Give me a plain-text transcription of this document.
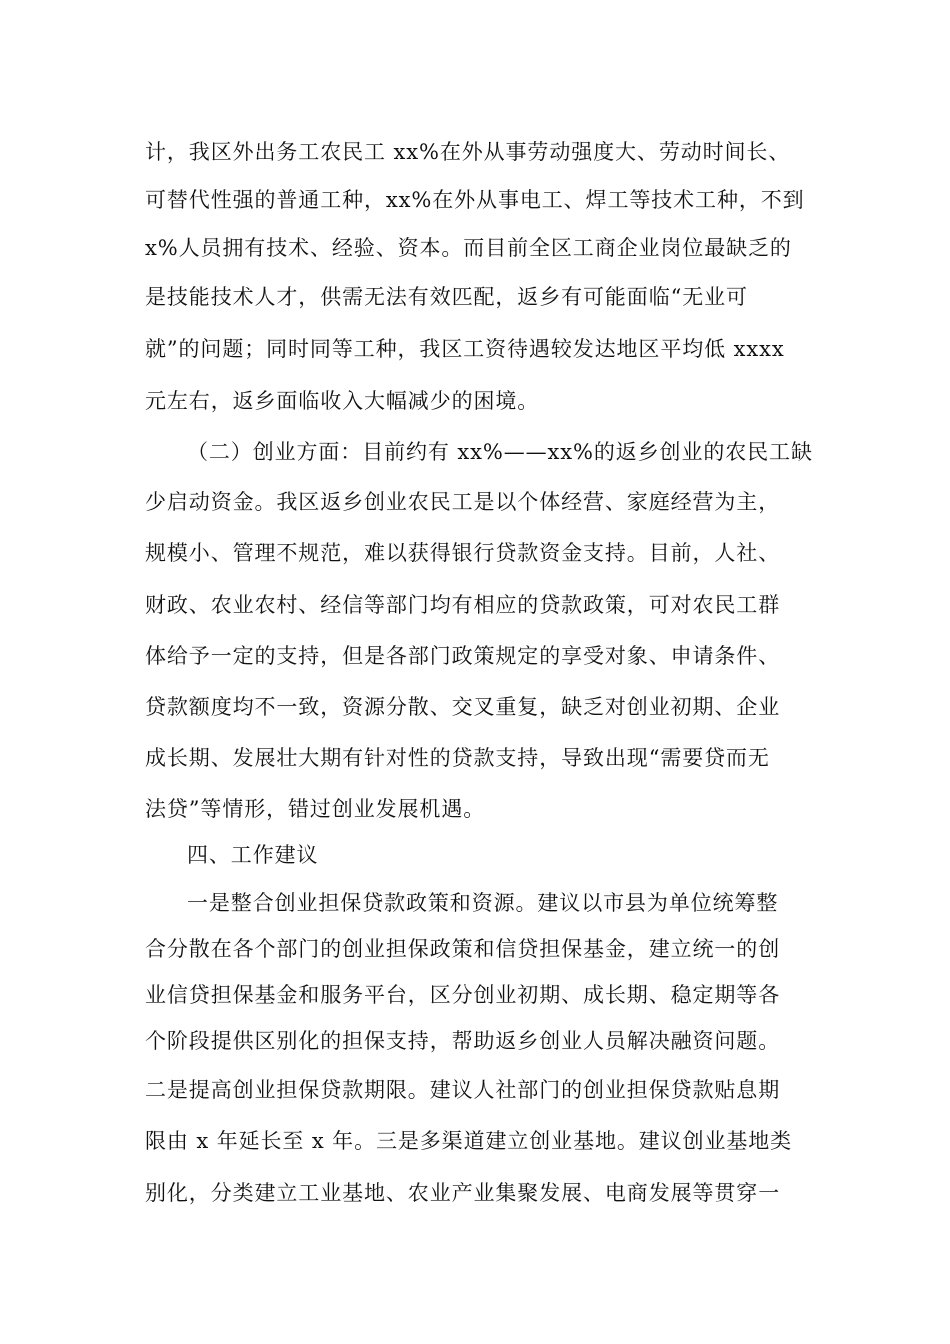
计，我区外出务工农民工 xx%在外从事劳动强度大、劳动时间长、
可替代性强的普通工种，xx%在外从事电工、焊工等技术工种，不到
x%人员拥有技术、经验、资本。而目前全区工商企业岗位最缺乏的
是技能技术人才，供需无法有效匹配，返乡有可能面临“无业可
就”的问题；同时同等工种，我区工资待遇较发达地区平均低 xxxx
元左右，返乡面临收入大幅减少的困境。
（二）创业方面：目前约有 xx%——xx%的返乡创业的农民工缺
少启动资金。我区返乡创业农民工是以个体经营、家庭经营为主，
规模小、管理不规范，难以获得银行贷款资金支持。目前，人社、
财政、农业农村、经信等部门均有相应的贷款政策，可对农民工群
体给予一定的支持，但是各部门政策规定的享受对象、申请条件、
贷款额度均不一致，资源分散、交叉重复，缺乏对创业初期、企业
成长期、发展壮大期有针对性的贷款支持，导致出现“需要贷而无
法贷”等情形，错过创业发展机遇。
四、工作建议
一是整合创业担保贷款政策和资源。建议以市县为单位统筹整
合分散在各个部门的创业担保政策和信贷担保基金，建立统一的创
业信贷担保基金和服务平台，区分创业初期、成长期、稳定期等各
个阶段提供区别化的担保支持，帮助返乡创业人员解决融资问题。
二是提高创业担保贷款期限。建议人社部门的创业担保贷款贴息期
限由 x 年延长至 x 年。三是多渠道建立创业基地。建议创业基地类
别化，分类建立工业基地、农业产业集聚发展、电商发展等贯穿一
